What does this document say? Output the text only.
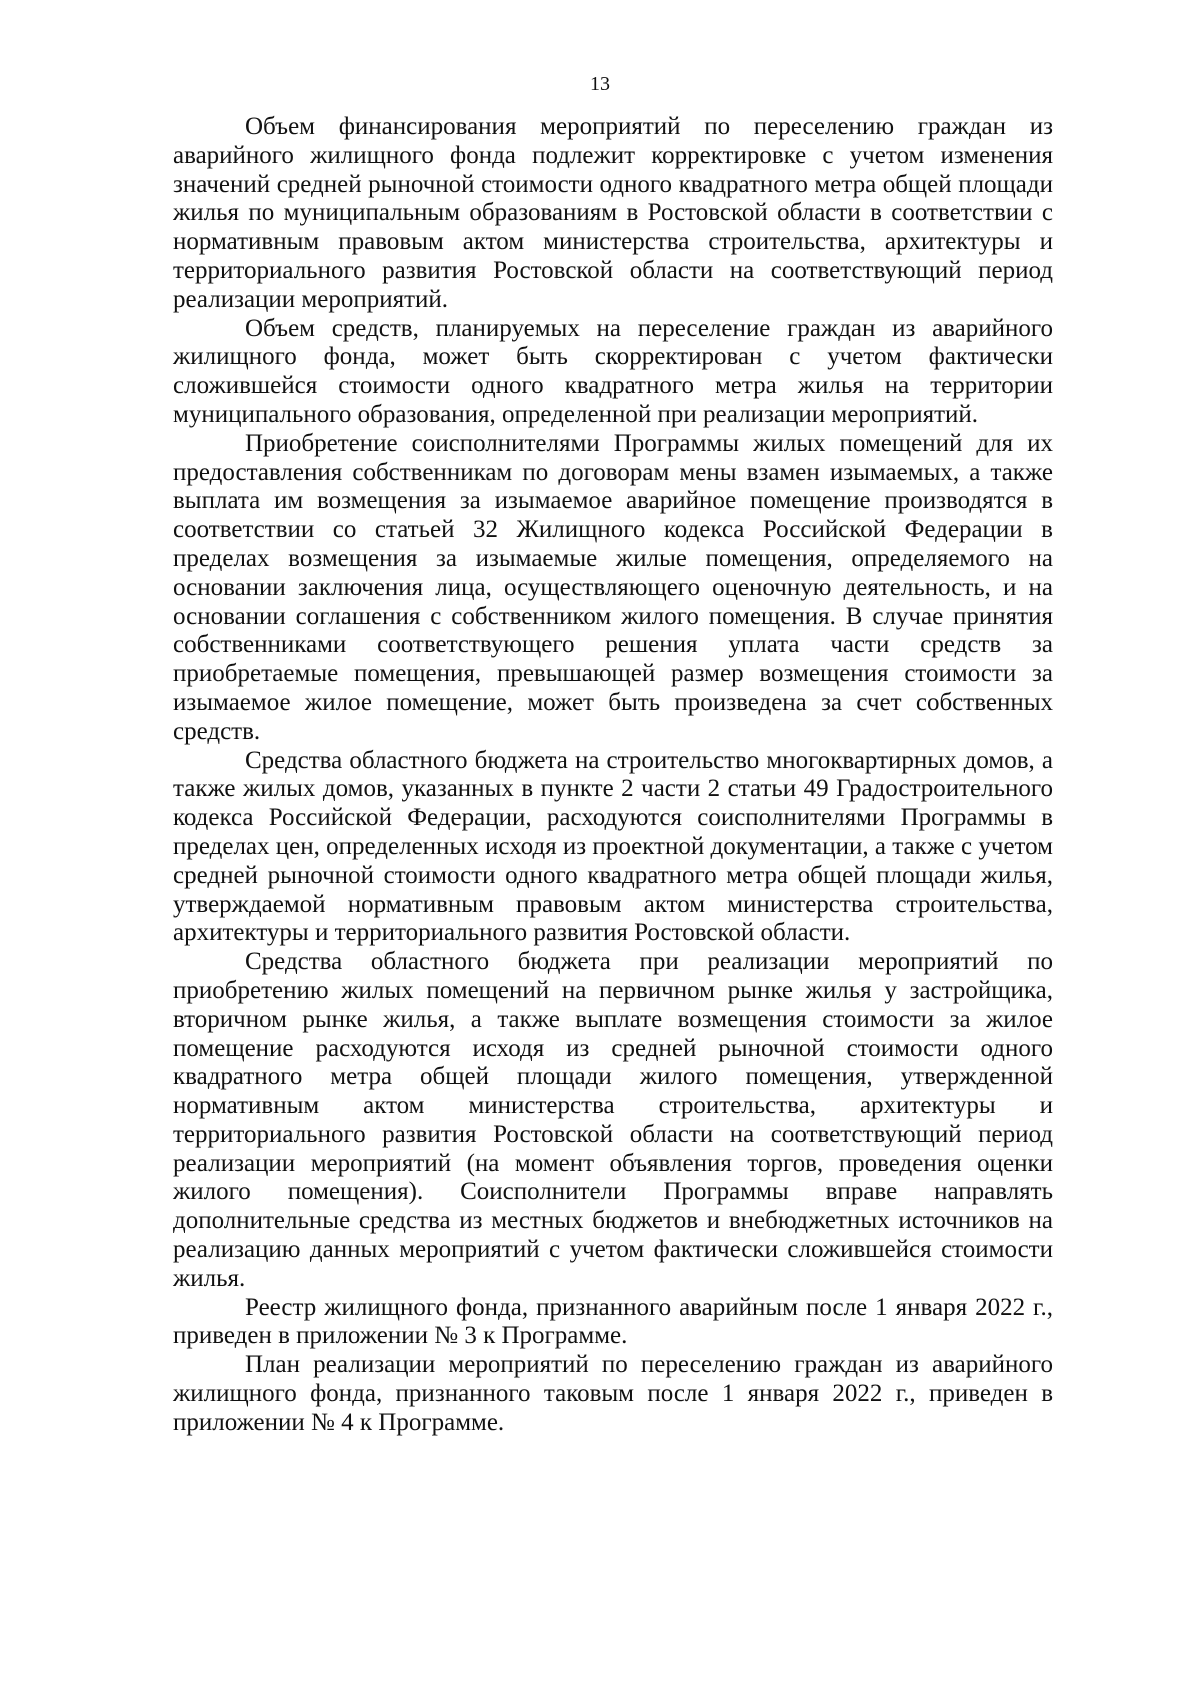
13

Объем финансирования мероприятий по переселению граждан из аварийного жилищного фонда подлежит корректировке с учетом изменения значений средней рыночной стоимости одного квадратного метра общей площади жилья по муниципальным образованиям в Ростовской области в соответствии с нормативным правовым актом министерства строительства, архитектуры и территориального развития Ростовской области на соответствующий период реализации мероприятий.

Объем средств, планируемых на переселение граждан из аварийного жилищного фонда, может быть скорректирован с учетом фактически сложившейся стоимости одного квадратного метра жилья на территории муниципального образования, определенной при реализации мероприятий.

Приобретение соисполнителями Программы жилых помещений для их предоставления собственникам по договорам мены взамен изымаемых, а также выплата им возмещения за изымаемое аварийное помещение производятся в соответствии со статьей 32 Жилищного кодекса Российской Федерации в пределах возмещения за изымаемые жилые помещения, определяемого на основании заключения лица, осуществляющего оценочную деятельность, и на основании соглашения с собственником жилого помещения. В случае принятия собственниками соответствующего решения уплата части средств за приобретаемые помещения, превышающей размер возмещения стоимости за изымаемое жилое помещение, может быть произведена за счет собственных средств.

Средства областного бюджета на строительство многоквартирных домов, а также жилых домов, указанных в пункте 2 части 2 статьи 49 Градостроительного кодекса Российской Федерации, расходуются соисполнителями Программы в пределах цен, определенных исходя из проектной документации, а также с учетом средней рыночной стоимости одного квадратного метра общей площади жилья, утверждаемой нормативным правовым актом министерства строительства, архитектуры и территориального развития Ростовской области.

Средства областного бюджета при реализации мероприятий по приобретению жилых помещений на первичном рынке жилья у застройщика, вторичном рынке жилья, а также выплате возмещения стоимости за жилое помещение расходуются исходя из средней рыночной стоимости одного квадратного метра общей площади жилого помещения, утвержденной нормативным актом министерства строительства, архитектуры и территориального развития Ростовской области на соответствующий период реализации мероприятий (на момент объявления торгов, проведения оценки жилого помещения). Соисполнители Программы вправе направлять дополнительные средства из местных бюджетов и внебюджетных источников на реализацию данных мероприятий с учетом фактически сложившейся стоимости жилья.

Реестр жилищного фонда, признанного аварийным после 1 января 2022 г., приведен в приложении № 3 к Программе.

План реализации мероприятий по переселению граждан из аварийного жилищного фонда, признанного таковым после 1 января 2022 г., приведен в приложении № 4 к Программе.
